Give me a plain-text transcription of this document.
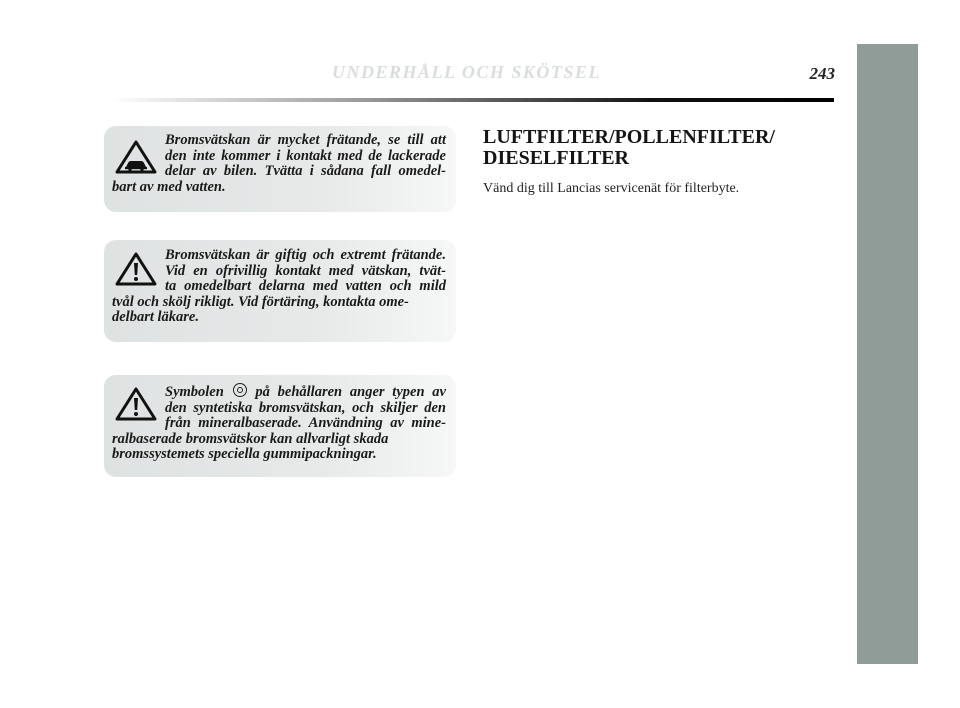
UNDERHÅLL OCH SKÖTSEL	243
Bromsvätskan är mycket frätande, se till att
den inte kommer i kontakt med de lackerade
delar av bilen. Tvätta i sådana fall omedel-
bart av med vatten.
Bromsvätskan är giftig och extremt frätande.
Vid en ofrivillig kontakt med vätskan, tvät-
ta omedelbart delarna med vatten och mild
tvål och skölj rikligt. Vid förtäring, kontakta ome-
delbart läkare.
Symbolen på behållaren anger typen av
den syntetiska bromsvätskan, och skiljer den
från mineralbaserade. Användning av mine-
ralbaserade bromsvätskor kan allvarligt skada
bromssystemets speciella gummipackningar.
LUFTFILTER/POLLENFILTER/
DIESELFILTER
Vänd dig till Lancias servicenät för filterbyte.
